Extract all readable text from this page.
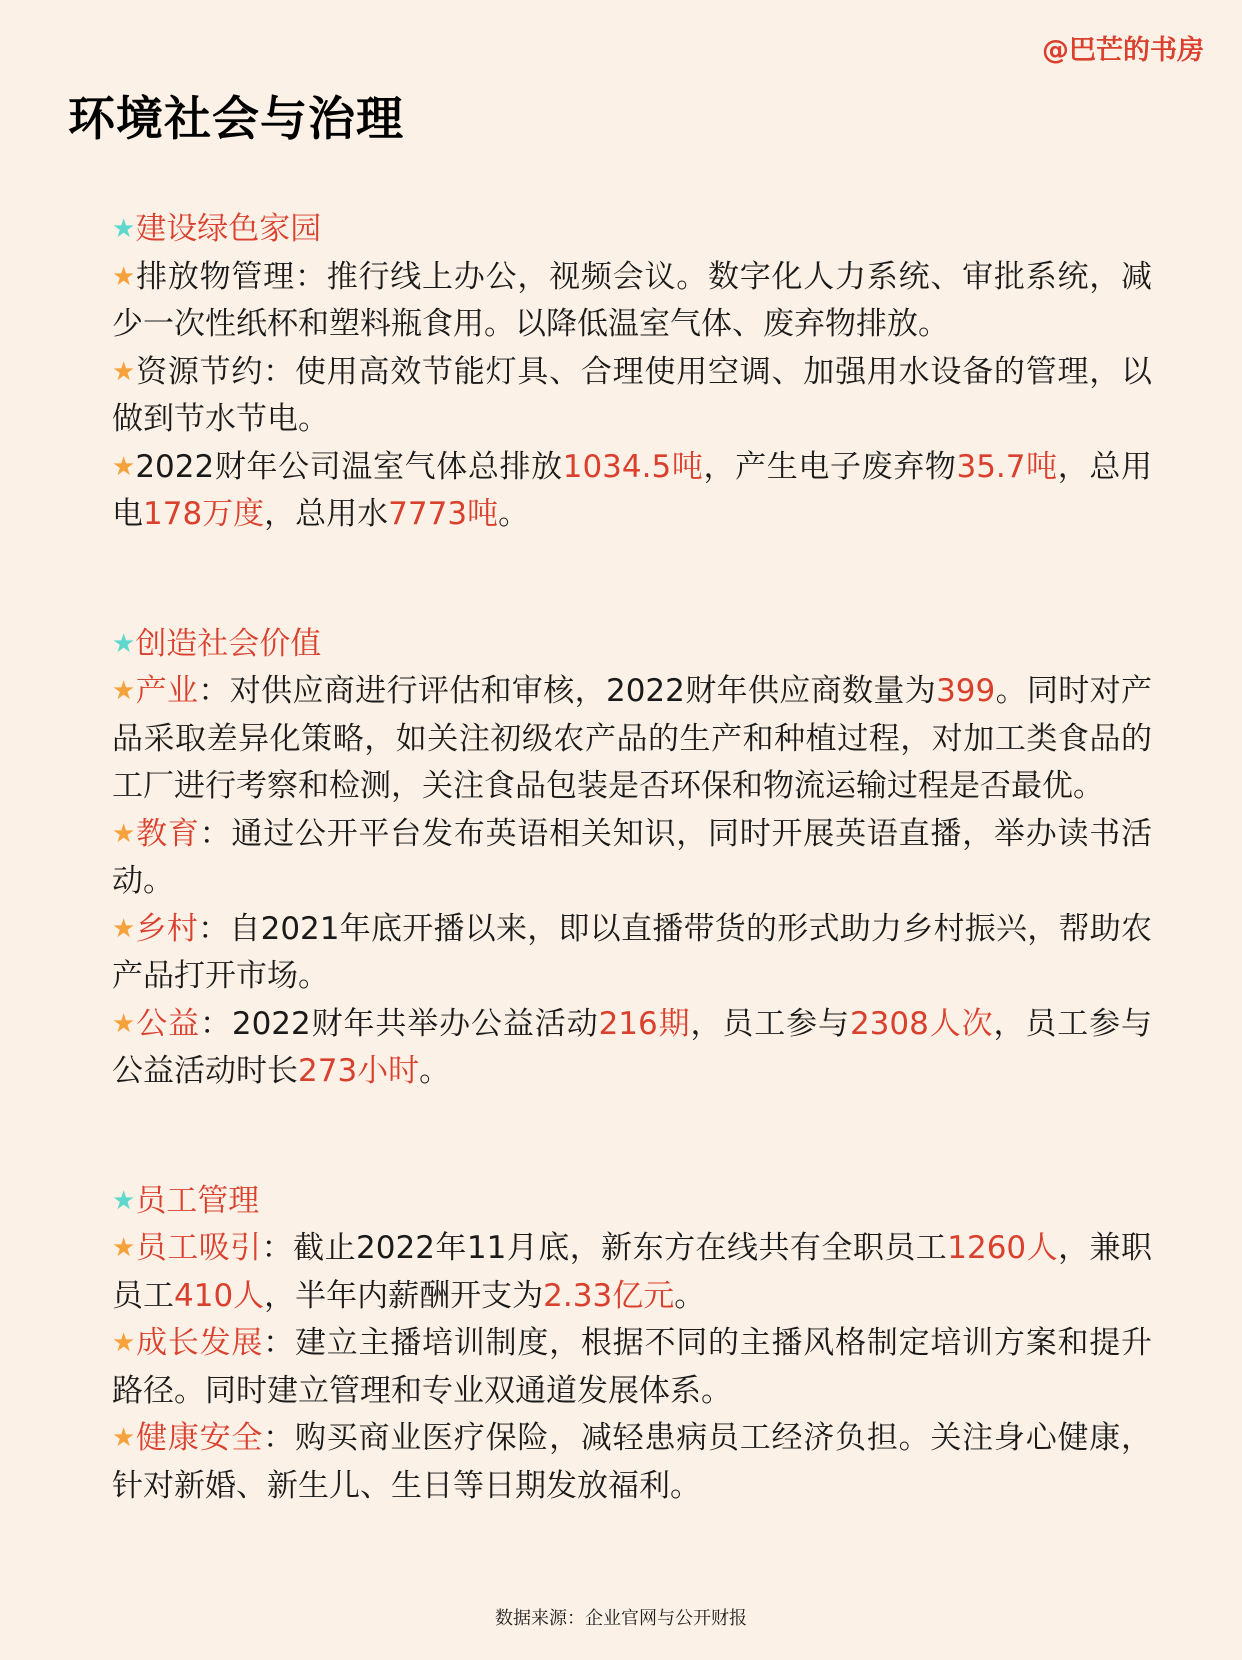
@巴芒的书房
环境社会与治理
★建设绿色家园
★排放物管理：推行线上办公，视频会议。数字化人力系统、审批系统，减少一次性纸杯和塑料瓶食用。以降低温室气体、废弃物排放。
★资源节约：使用高效节能灯具、合理使用空调、加强用水设备的管理，以做到节水节电。
★2022财年公司温室气体总排放1034.5吨，产生电子废弃物35.7吨，总用电178万度，总用水7773吨。
★创造社会价值
★产业：对供应商进行评估和审核，2022财年供应商数量为399。同时对产品采取差异化策略，如关注初级农产品的生产和种植过程，对加工类食品的工厂进行考察和检测，关注食品包装是否环保和物流运输过程是否最优。
★教育：通过公开平台发布英语相关知识，同时开展英语直播，举办读书活动。
★乡村：自2021年底开播以来，即以直播带货的形式助力乡村振兴，帮助农产品打开市场。
★公益：2022财年共举办公益活动216期，员工参与2308人次，员工参与公益活动时长273小时。
★员工管理
★员工吸引：截止2022年11月底，新东方在线共有全职员工1260人，兼职员工410人，半年内薪酬开支为2.33亿元。
★成长发展：建立主播培训制度，根据不同的主播风格制定培训方案和提升路径。同时建立管理和专业双通道发展体系。
★健康安全：购买商业医疗保险，减轻患病员工经济负担。关注身心健康，针对新婚、新生儿、生日等日期发放福利。
数据来源：企业官网与公开财报
